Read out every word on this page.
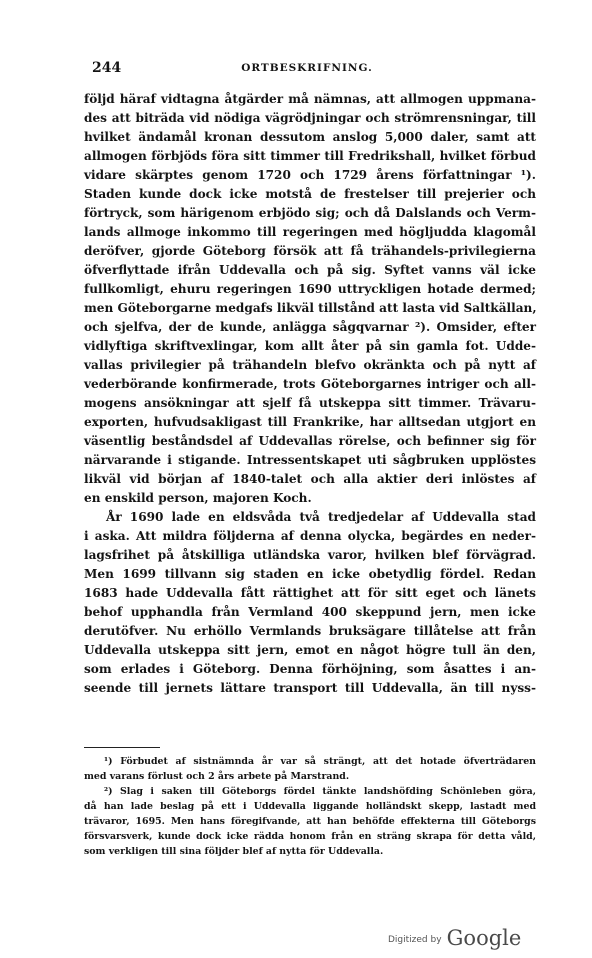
244	ORTBESKRIFNING.
följd häraf vidtagna åtgärder må nämnas, att allmogen uppmana-
des att biträda vid nödiga vägrödjningar och strömrensningar, till
hvilket ändamål kronan dessutom anslog 5,000 daler, samt att
allmogen förbjöds föra sitt timmer till Fredrikshall, hvilket förbud
vidare skärptes genom 1720 och 1729 årens författningar ¹).
Staden kunde dock icke motstå de frestelser till prejerier och
förtryck, som härigenom erbjödo sig; och då Dalslands och Verm-
lands allmoge inkommo till regeringen med högljudda klagomål
deröfver, gjorde Göteborg försök att få trähandels-privilegierna
öfverflyttade ifrån Uddevalla och på sig. Syftet vanns väl icke
fullkomligt, ehuru regeringen 1690 uttryckligen hotade dermed;
men Göteborgarne medgafs likväl tillstånd att lasta vid Saltkällan,
och sjelfva, der de kunde, anlägga sågqvarnar ²). Omsider, efter
vidlyftiga skriftvexlingar, kom allt åter på sin gamla fot. Udde-
vallas privilegier på trähandeln blefvo okränkta och på nytt af
vederbörande konfirmerade, trots Göteborgarnes intriger och all-
mogens ansökningar att sjelf få utskeppa sitt timmer. Trävaru-
exporten, hufvudsakligast till Frankrike, har alltsedan utgjort en
väsentlig beståndsdel af Uddevallas rörelse, och befinner sig för
närvarande i stigande. Intressentskapet uti sågbruken upplöstes
likväl vid början af 1840-talet och alla aktier deri inlöstes af
en enskild person, majoren Koch.
År 1690 lade en eldsvåda två tredjedelar af Uddevalla stad
i aska. Att mildra följderna af denna olycka, begärdes en neder-
lagsfrihet på åtskilliga utländska varor, hvilken blef förvägrad.
Men 1699 tillvann sig staden en icke obetydlig fördel. Redan
1683 hade Uddevalla fått rättighet att för sitt eget och länets
behof upphandla från Vermland 400 skeppund jern, men icke
derutöfver. Nu erhöllo Vermlands bruksägare tillåtelse att från
Uddevalla utskeppa sitt jern, emot en något högre tull än den,
som erlades i Göteborg. Denna förhöjning, som åsattes i an-
seende till jernets lättare transport till Uddevalla, än till nyss-
¹) Förbudet af sistnämnda år var så strängt, att det hotade öfverträdaren
med varans förlust och 2 års arbete på Marstrand.
²) Slag i saken till Göteborgs fördel tänkte landshöfding Schönleben göra,
då han lade beslag på ett i Uddevalla liggande holländskt skepp, lastadt med
trävaror, 1695. Men hans föregifvande, att han behöfde effekterna till Göteborgs
försvarsverk, kunde dock icke rädda honom från en sträng skrapa för detta våld,
som verkligen till sina följder blef af nytta för Uddevalla.
Digitized by Google
